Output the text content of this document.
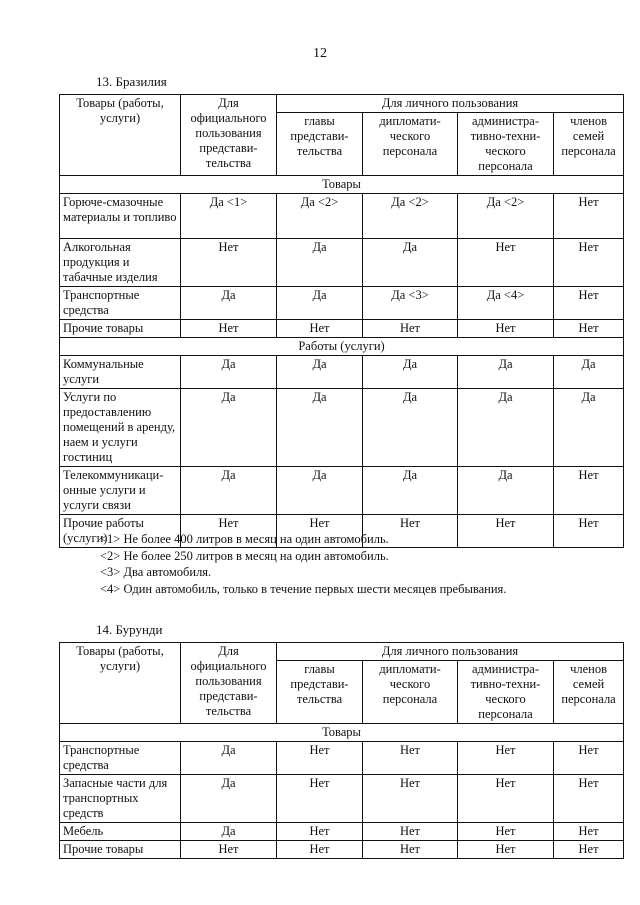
12
13. Бразилия
Товары (работы, услуги)	Для официального пользования представи-тельства	Для личного пользования			
		главы представи-тельства	дипломати-ческого персонала	администра-тивно-техни-ческого персонала	членов семей персонала
Товары					
Горюче-смазочные материалы и топливо	Да <1>	Да <2>	Да <2>	Да <2>	Нет
Алкогольная продукция и табачные изделия	Нет	Да	Да	Нет	Нет
Транспортные средства	Да	Да	Да <3>	Да <4>	Нет
Прочие товары	Нет	Нет	Нет	Нет	Нет
Работы (услуги)					
Коммунальные услуги	Да	Да	Да	Да	Да
Услуги по предоставлению помещений в аренду, наем и услуги гостиниц	Да	Да	Да	Да	Да
Телекоммуникаци-онные услуги и услуги связи	Да	Да	Да	Да	Нет
Прочие работы (услуги)	Нет	Нет	Нет	Нет	Нет
<1> Не более 400 литров в месяц на один автомобиль.
<2> Не более 250 литров в месяц на один автомобиль.
<3> Два автомобиля.
<4> Один автомобиль, только в течение первых шести месяцев пребывания.
14. Бурунди
Товары (работы, услуги)	Для официального пользования представи-тельства	Для личного пользования			
		главы представи-тельства	дипломати-ческого персонала	администра-тивно-техни-ческого персонала	членов семей персонала
Товары					
Транспортные средства	Да	Нет	Нет	Нет	Нет
Запасные части для транспортных средств	Да	Нет	Нет	Нет	Нет
Мебель	Да	Нет	Нет	Нет	Нет
Прочие товары	Нет	Нет	Нет	Нет	Нет
